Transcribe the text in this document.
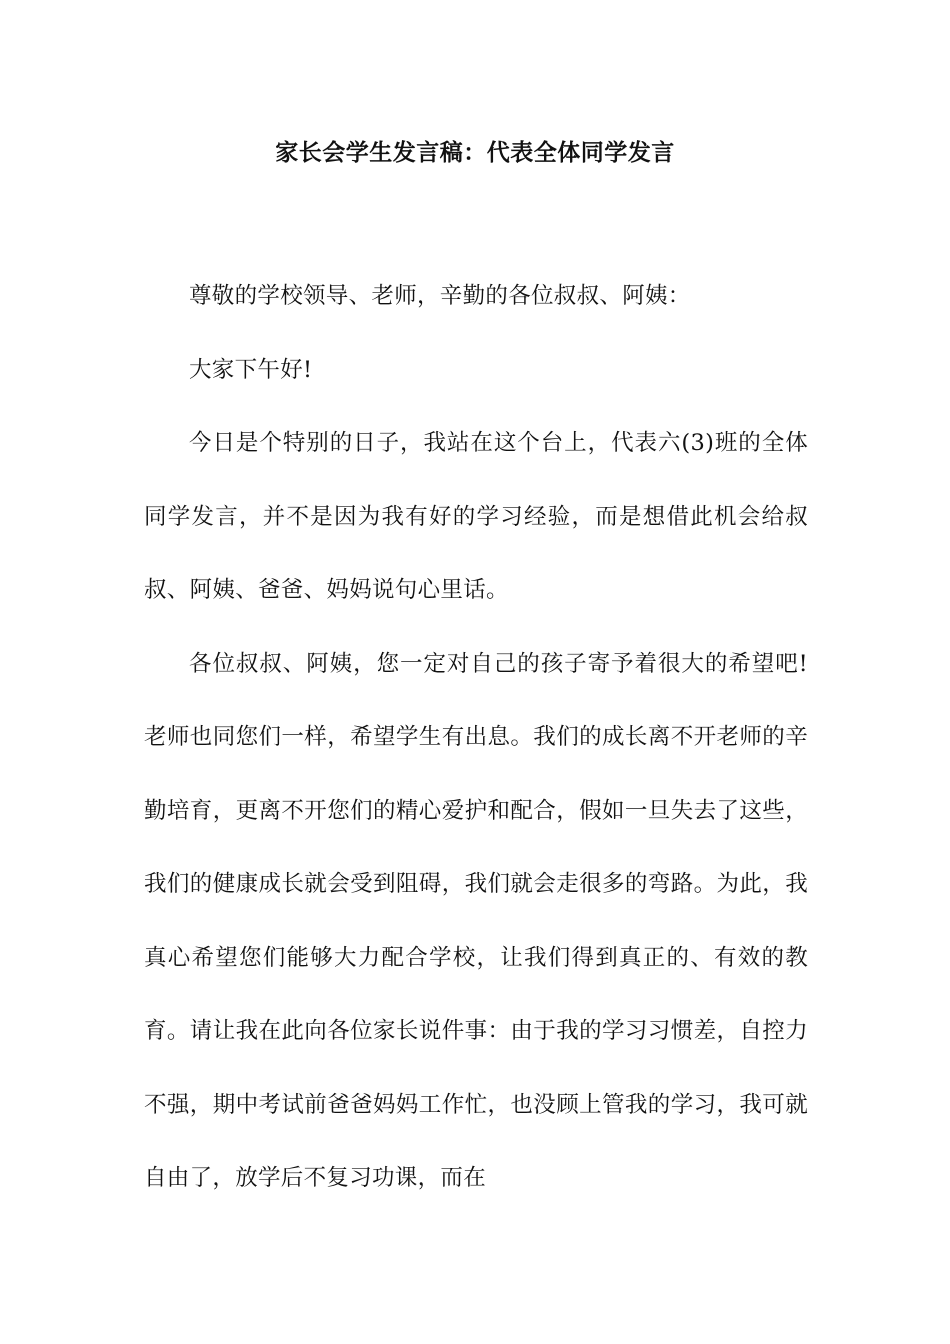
家长会学生发言稿：代表全体同学发言

尊敬的学校领导、老师，辛勤的各位叔叔、阿姨：

大家下午好!

今日是个特别的日子，我站在这个台上，代表六(3)班的全体同学发言，并不是因为我有好的学习经验，而是想借此机会给叔叔、阿姨、爸爸、妈妈说句心里话。

各位叔叔、阿姨，您一定对自己的孩子寄予着很大的希望吧!老师也同您们一样，希望学生有出息。我们的成长离不开老师的辛勤培育，更离不开您们的精心爱护和配合，假如一旦失去了这些，我们的健康成长就会受到阻碍，我们就会走很多的弯路。为此，我真心希望您们能够大力配合学校，让我们得到真正的、有效的教育。请让我在此向各位家长说件事：由于我的学习习惯差，自控力不强，期中考试前爸爸妈妈工作忙，也没顾上管我的学习，我可就自由了，放学后不复习功课，而在
